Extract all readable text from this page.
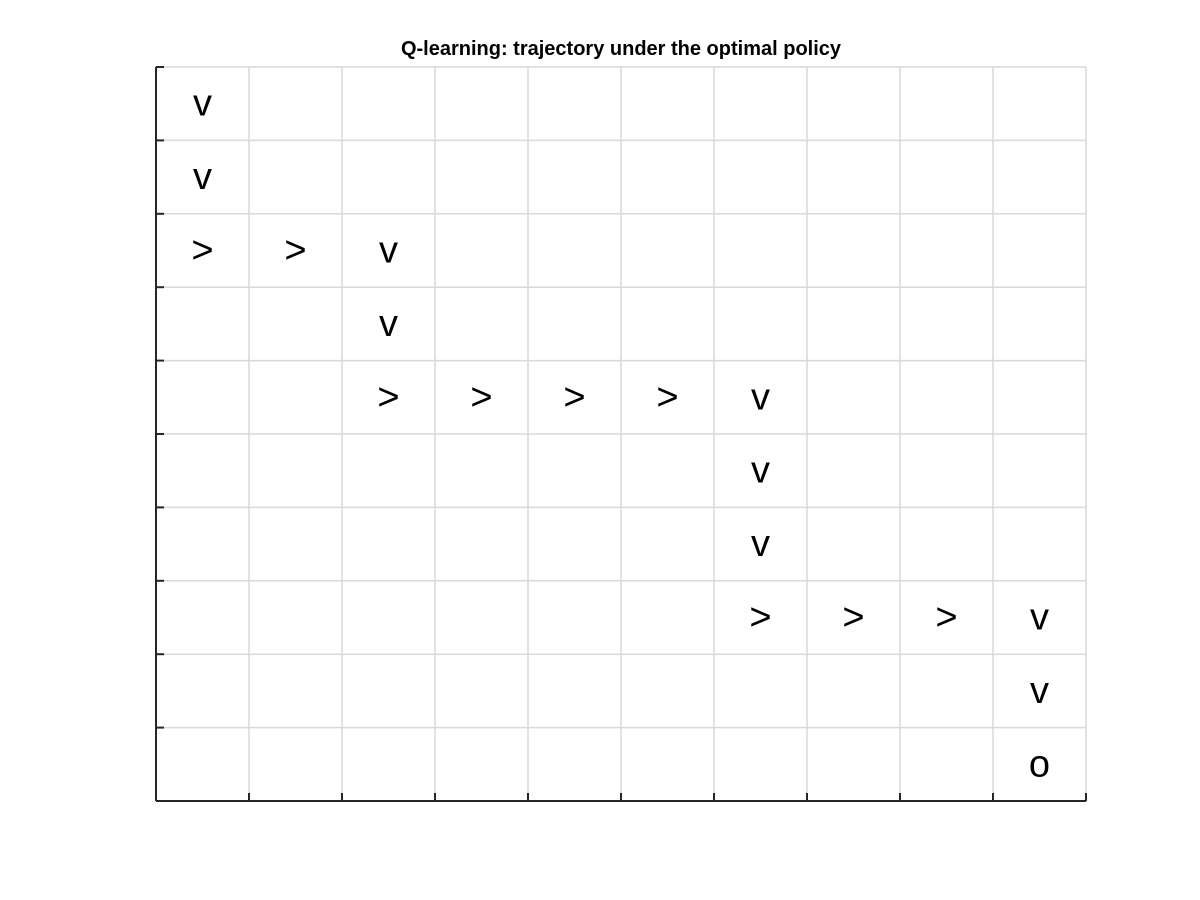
Q-learning: trajectory under the optimal policy
v
v
> > v
v
> > > > v
v
v
> > > v
v
o
